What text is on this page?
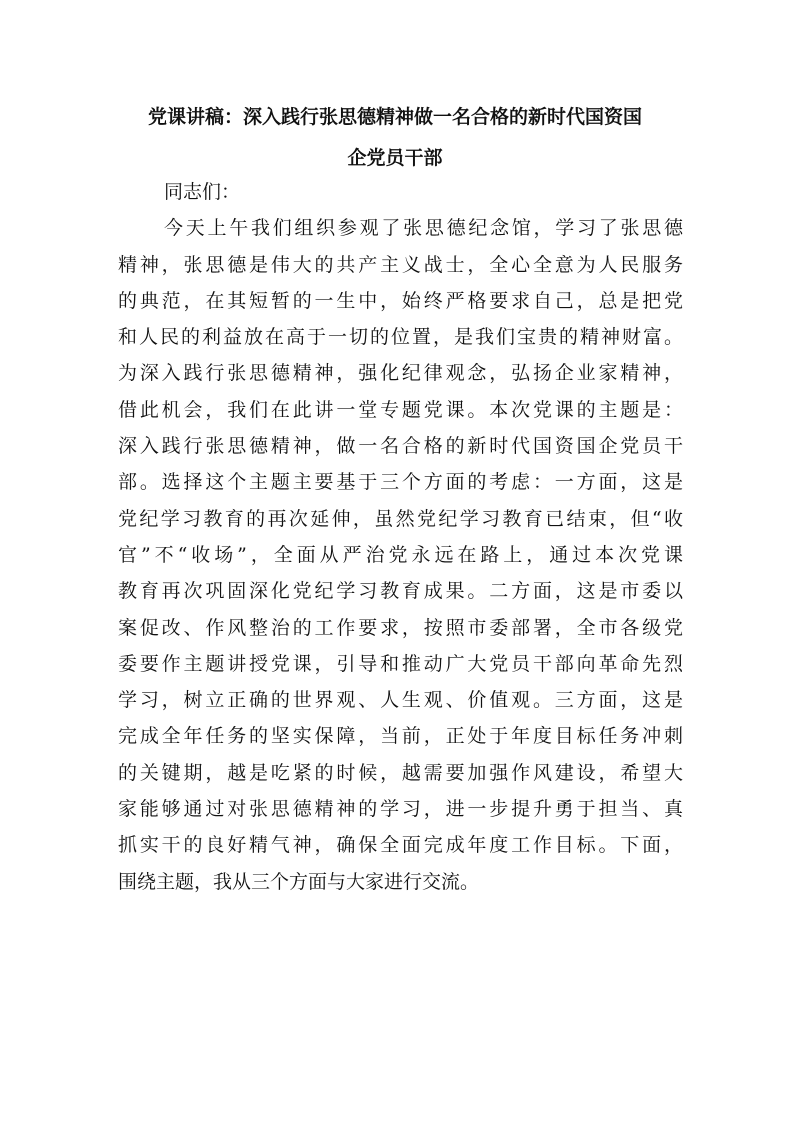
党课讲稿：深入践行张思德精神做一名合格的新时代国资国

企党员干部

同志们：

今天上午我们组织参观了张思德纪念馆，学习了张思德

精神，张思德是伟大的共产主义战士，全心全意为人民服务

的典范，在其短暂的一生中，始终严格要求自己，总是把党

和人民的利益放在高于一切的位置，是我们宝贵的精神财富。

为深入践行张思德精神，强化纪律观念，弘扬企业家精神，

借此机会，我们在此讲一堂专题党课。本次党课的主题是：

深入践行张思德精神，做一名合格的新时代国资国企党员干

部。选择这个主题主要基于三个方面的考虑：一方面，这是

党纪学习教育的再次延伸，虽然党纪学习教育已结束，但“收

官”不“收场”，全面从严治党永远在路上，通过本次党课

教育再次巩固深化党纪学习教育成果。二方面，这是市委以

案促改、作风整治的工作要求，按照市委部署，全市各级党

委要作主题讲授党课，引导和推动广大党员干部向革命先烈

学习，树立正确的世界观、人生观、价值观。三方面，这是

完成全年任务的坚实保障，当前，正处于年度目标任务冲刺

的关键期，越是吃紧的时候，越需要加强作风建设，希望大

家能够通过对张思德精神的学习，进一步提升勇于担当、真

抓实干的良好精气神，确保全面完成年度工作目标。下面，

围绕主题，我从三个方面与大家进行交流。
